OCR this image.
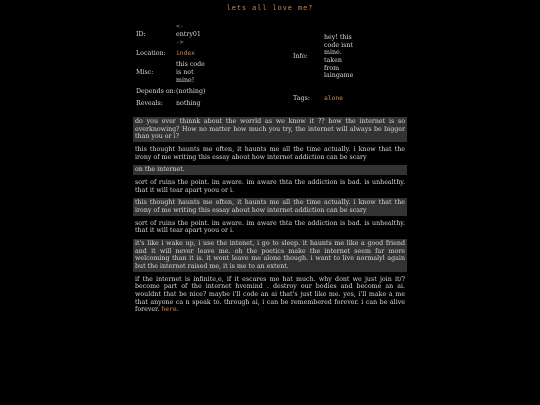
lets all love me?
ID:	<-
entry01
->

Location:	index
Misc:	this code is not mine!

Depends on:	(nothing)
Reveals:	nothing
Info:	hey! this code isnt mine. taken from laingame

Tags:	alone

do you ever thinnk about the worrld as we know it ?? how the internet is so everknowing? How no matter how much you try, the internet will always be bigger than you or i?

this thought haunts me often, it haunts me all the time actually. i know that the irony of me writing this essay about how internet addiction can be scary

on the internet.

sort of ruins the point. im aware. im aware thta the addiction is bad. is unhealthy. that it will tear apart yoou or i.

this thought haunts me often, it haunts me all the time actually. i know that the irony of me writing this essay about how internet addiction can be scary

sort of ruins the point. im aware. im aware thta the addiction is bad. is unhealthy. that it will tear apart yoou or i.

it's like i wake up, i use the intenet, i go to sleep. it haunts me like a good friend and it will never leave me. oh the poetics make the internet seem far more welcoming than it is. it wont leave me alone though. i want to live normalyl again but the internet raised me, it is me to an extent.

if the internet is infinite,e, if it escares me hat much. why dont we just join it/? become part of the internet hvemind . destroy our bodies and become an ai. wouldnt that be nice? maybe i'll code an ai that's just like me. yes, i'll make a me that anyone ca n speak to. through ai, i can be remembered forever. i can be alive forever. here.
